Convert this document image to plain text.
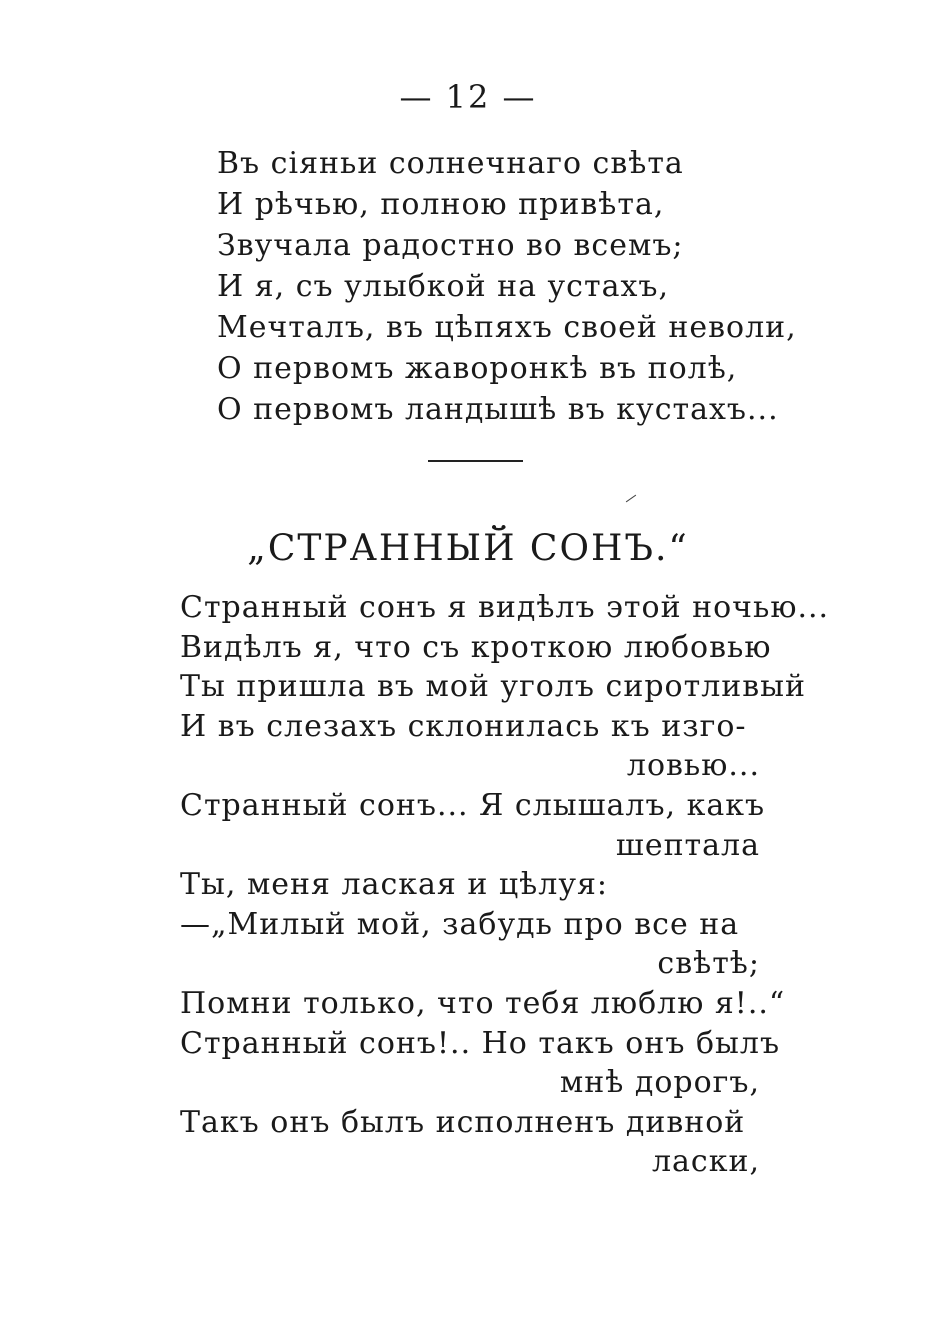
— 12 —
Въ сіяньи солнечнаго свѣта
И рѣчью, полною привѣта,
Звучала радостно во всемъ;
И я, съ улыбкой на устахъ,
Мечталъ, въ цѣпяхъ своей неволи,
О первомъ жаворонкѣ въ полѣ,
О первомъ ландышѣ въ кустахъ...
„СТРАННЫЙ СОНЪ.“
Странный сонъ я видѣлъ этой ночью...
Видѣлъ я, что съ кроткою любовью
Ты пришла въ мой уголъ сиротливый
И въ слезахъ склонилась къ изго-
ловью...
Странный сонъ... Я слышалъ, какъ
шептала
Ты, меня лаская и цѣлуя:
—„Милый мой, забудь про все на
свѣтѣ;
Помни только, что тебя люблю я!..“
Странный сонъ!.. Но такъ онъ былъ
мнѣ дорогъ,
Такъ онъ былъ исполненъ дивной
ласки,
